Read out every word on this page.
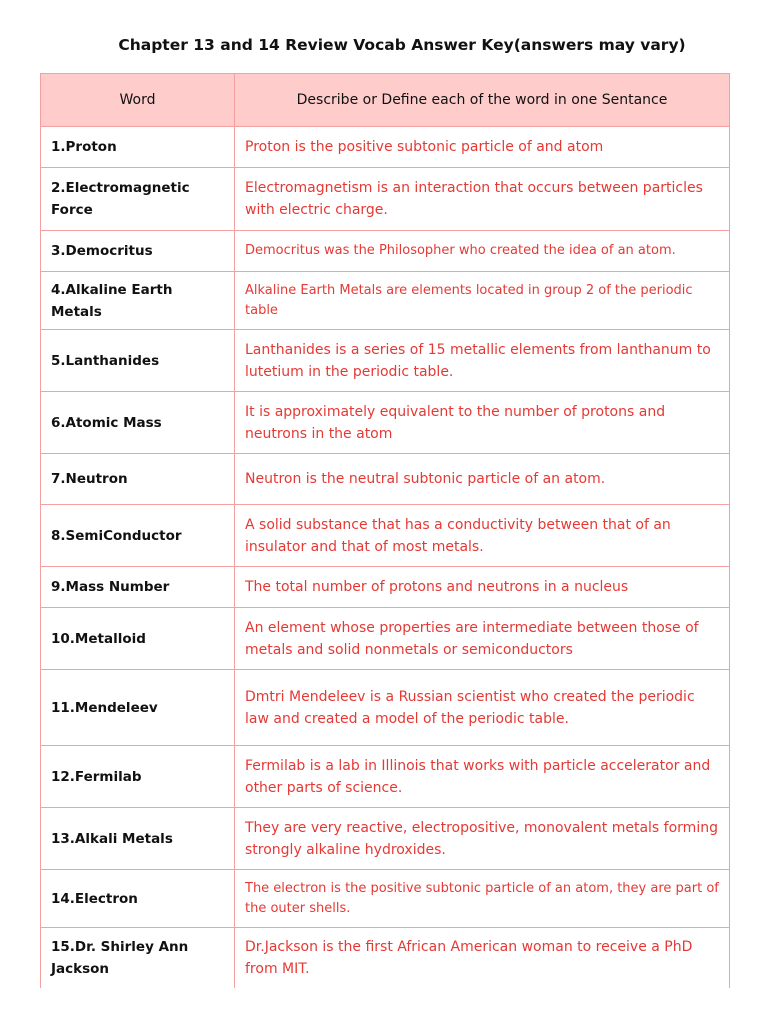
Chapter 13 and 14 Review Vocab Answer Key(answers may vary)
Word	Describe or Define each of the word in one Sentance
1.Proton	Proton is the positive subtonic particle of and atom
2.Electromagnetic Force	Electromagnetism is an interaction that occurs between particles with electric charge.
3.Democritus	Democritus was the Philosopher who created the idea of an atom.
4.Alkaline Earth Metals	Alkaline Earth Metals are elements located in group 2 of the periodic table
5.Lanthanides	Lanthanides is a series of 15 metallic elements from lanthanum to lutetium in the periodic table.
6.Atomic Mass	It is approximately equivalent to the number of protons and neutrons in the atom
7.Neutron	Neutron is the neutral subtonic particle of an atom.
8.SemiConductor	A solid substance that has a conductivity between that of an insulator and that of most metals.
9.Mass Number	The total number of protons and neutrons in a nucleus
10.Metalloid	An element whose properties are intermediate between those of metals and solid nonmetals or semiconductors
11.Mendeleev	Dmtri Mendeleev is a Russian scientist who created the periodic law and created a model of the periodic table.
12.Fermilab	Fermilab is a lab in Illinois that works with particle accelerator and other parts of science.
13.Alkali Metals	They are very reactive, electropositive, monovalent metals forming strongly alkaline hydroxides.
14.Electron	The electron is the positive subtonic particle of an atom, they are part of the outer shells.
15.Dr. Shirley Ann Jackson	Dr.Jackson is the first African American woman to receive a PhD from MIT.
